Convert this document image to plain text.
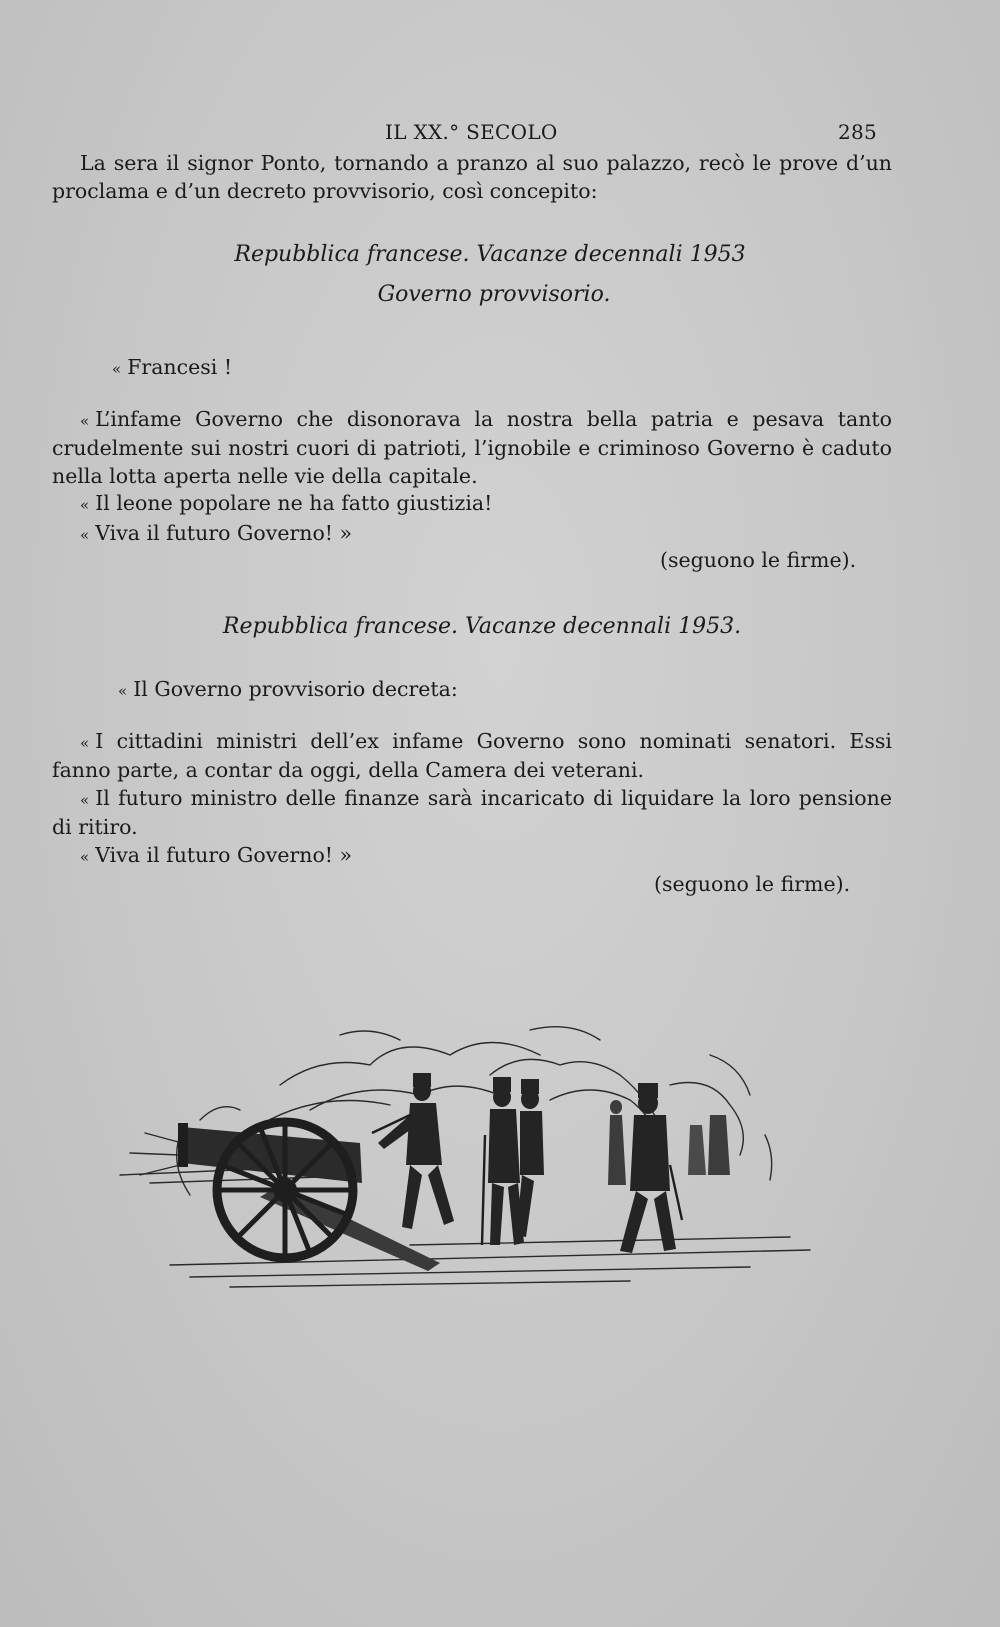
IL XX.° SECOLO	285

La sera il signor Ponto, tornando a pranzo al suo palazzo, recò le prove d’un proclama e d’un decreto provvisorio, così concepito:

Repubblica francese. Vacanze decennali 1953
Governo provvisorio.

« Francesi !

« L’infame Governo che disonorava la nostra bella patria e pesava tanto crudelmente sui nostri cuori di patrioti, l’ignobile e criminoso Governo è caduto nella lotta aperta nelle vie della capitale.

« Il leone popolare ne ha fatto giustizia!

« Viva il futuro Governo! »

(seguono le firme).
Repubblica francese. Vacanze decennali 1953.

« Il Governo provvisorio decreta:

« I cittadini ministri dell’ex infame Governo sono nominati senatori. Essi fanno parte, a contar da oggi, della Camera dei veterani.

« Il futuro ministro delle finanze sarà incaricato di liquidare la loro pensione di ritiro.

« Viva il futuro Governo! »

(seguono le firme).
